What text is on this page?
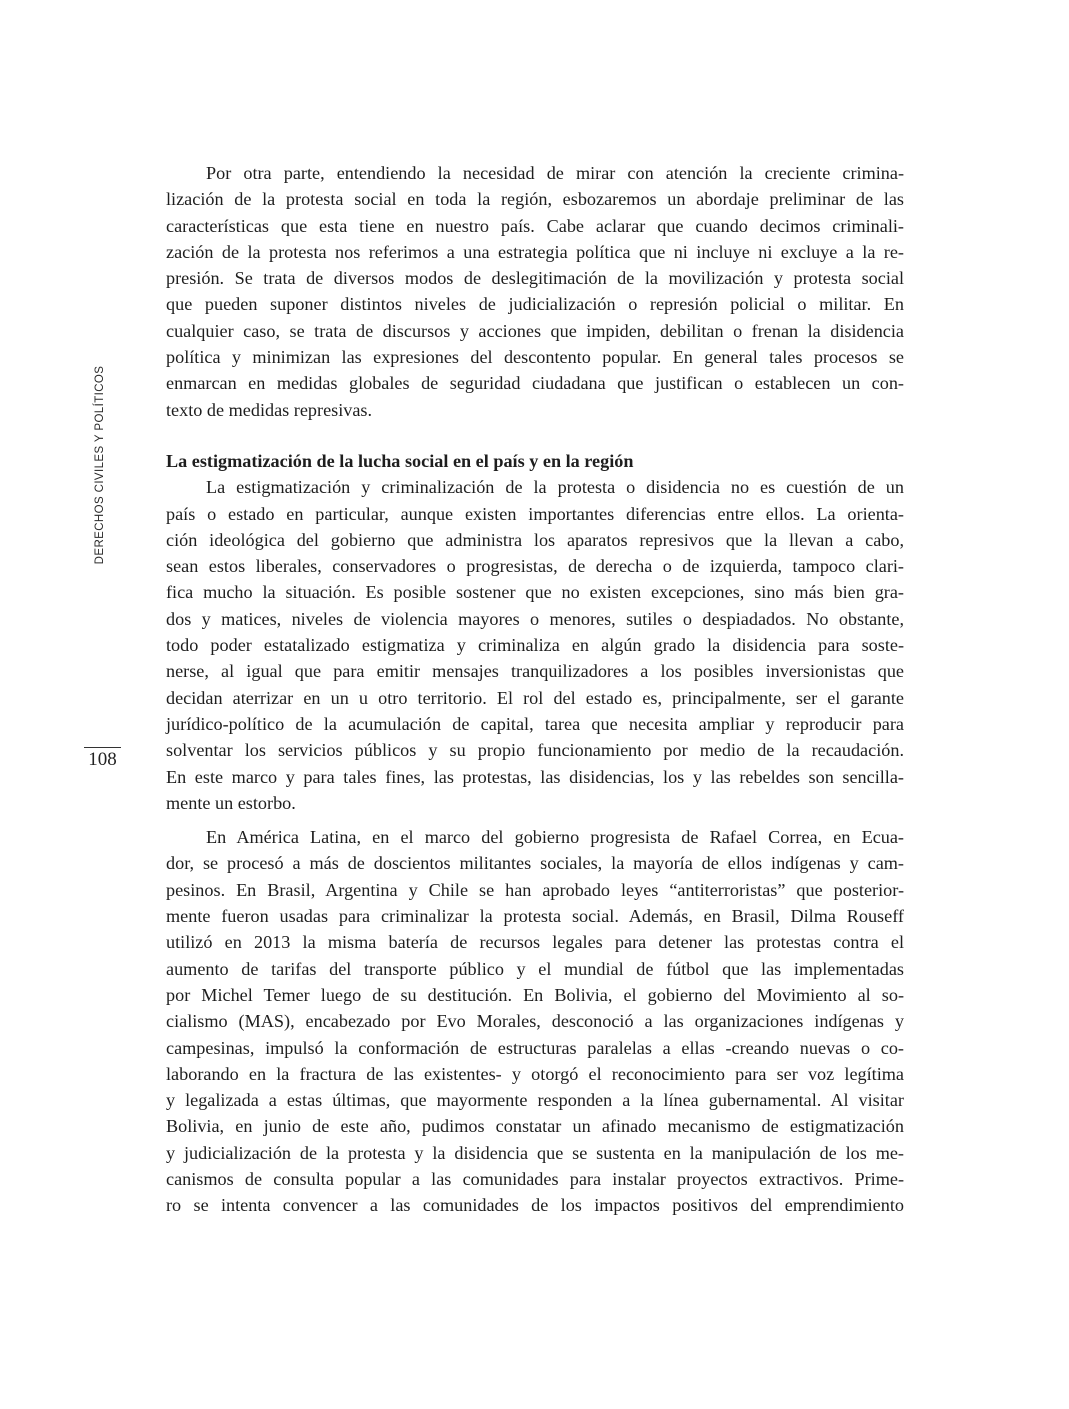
DERECHOS CIVILES Y POLÍTICOS
108
Por otra parte, entendiendo la necesidad de mirar con atención la creciente crimina-
lización de la protesta social en toda la región, esbozaremos un abordaje preliminar de las
características que esta tiene en nuestro país. Cabe aclarar que cuando decimos criminali-
zación de la protesta nos referimos a una estrategia política que ni incluye ni excluye a la re-
presión. Se trata de diversos modos de deslegitimación de la movilización y protesta social
que pueden suponer distintos niveles de judicialización o represión policial o militar. En
cualquier caso, se trata de discursos y acciones que impiden, debilitan o frenan la disidencia
política y minimizan las expresiones del descontento popular. En general tales procesos se
enmarcan en medidas globales de seguridad ciudadana que justifican o establecen un con-
texto de medidas represivas.
La estigmatización de la lucha social en el país y en la región
La estigmatización y criminalización de la protesta o disidencia no es cuestión de un
país o estado en particular, aunque existen importantes diferencias entre ellos. La orienta-
ción ideológica del gobierno que administra los aparatos represivos que la llevan a cabo,
sean estos liberales, conservadores o progresistas, de derecha o de izquierda, tampoco clari-
fica mucho la situación. Es posible sostener que no existen excepciones, sino más bien gra-
dos y matices, niveles de violencia mayores o menores, sutiles o despiadados. No obstante,
todo poder estatalizado estigmatiza y criminaliza en algún grado la disidencia para soste-
nerse, al igual que para emitir mensajes tranquilizadores a los posibles inversionistas que
decidan aterrizar en un u otro territorio. El rol del estado es, principalmente, ser el garante
jurídico-político de la acumulación de capital, tarea que necesita ampliar y reproducir para
solventar los servicios públicos y su propio funcionamiento por medio de la recaudación.
En este marco y para tales fines, las protestas, las disidencias, los y las rebeldes son sencilla-
mente un estorbo.
En América Latina, en el marco del gobierno progresista de Rafael Correa, en Ecua-
dor, se procesó a más de doscientos militantes sociales, la mayoría de ellos indígenas y cam-
pesinos. En Brasil, Argentina y Chile se han aprobado leyes “antiterroristas” que posterior-
mente fueron usadas para criminalizar la protesta social. Además, en Brasil, Dilma Rouseff
utilizó en 2013 la misma batería de recursos legales para detener las protestas contra el
aumento de tarifas del transporte público y el mundial de fútbol que las implementadas
por Michel Temer luego de su destitución. En Bolivia, el gobierno del Movimiento al so-
cialismo (MAS), encabezado por Evo Morales, desconoció a las organizaciones indígenas y
campesinas, impulsó la conformación de estructuras paralelas a ellas -creando nuevas o co-
laborando en la fractura de las existentes- y otorgó el reconocimiento para ser voz legítima
y legalizada a estas últimas, que mayormente responden a la línea gubernamental. Al visitar
Bolivia, en junio de este año, pudimos constatar un afinado mecanismo de estigmatización
y judicialización de la protesta y la disidencia que se sustenta en la manipulación de los me-
canismos de consulta popular a las comunidades para instalar proyectos extractivos. Prime-
ro se intenta convencer a las comunidades de los impactos positivos del emprendimiento
